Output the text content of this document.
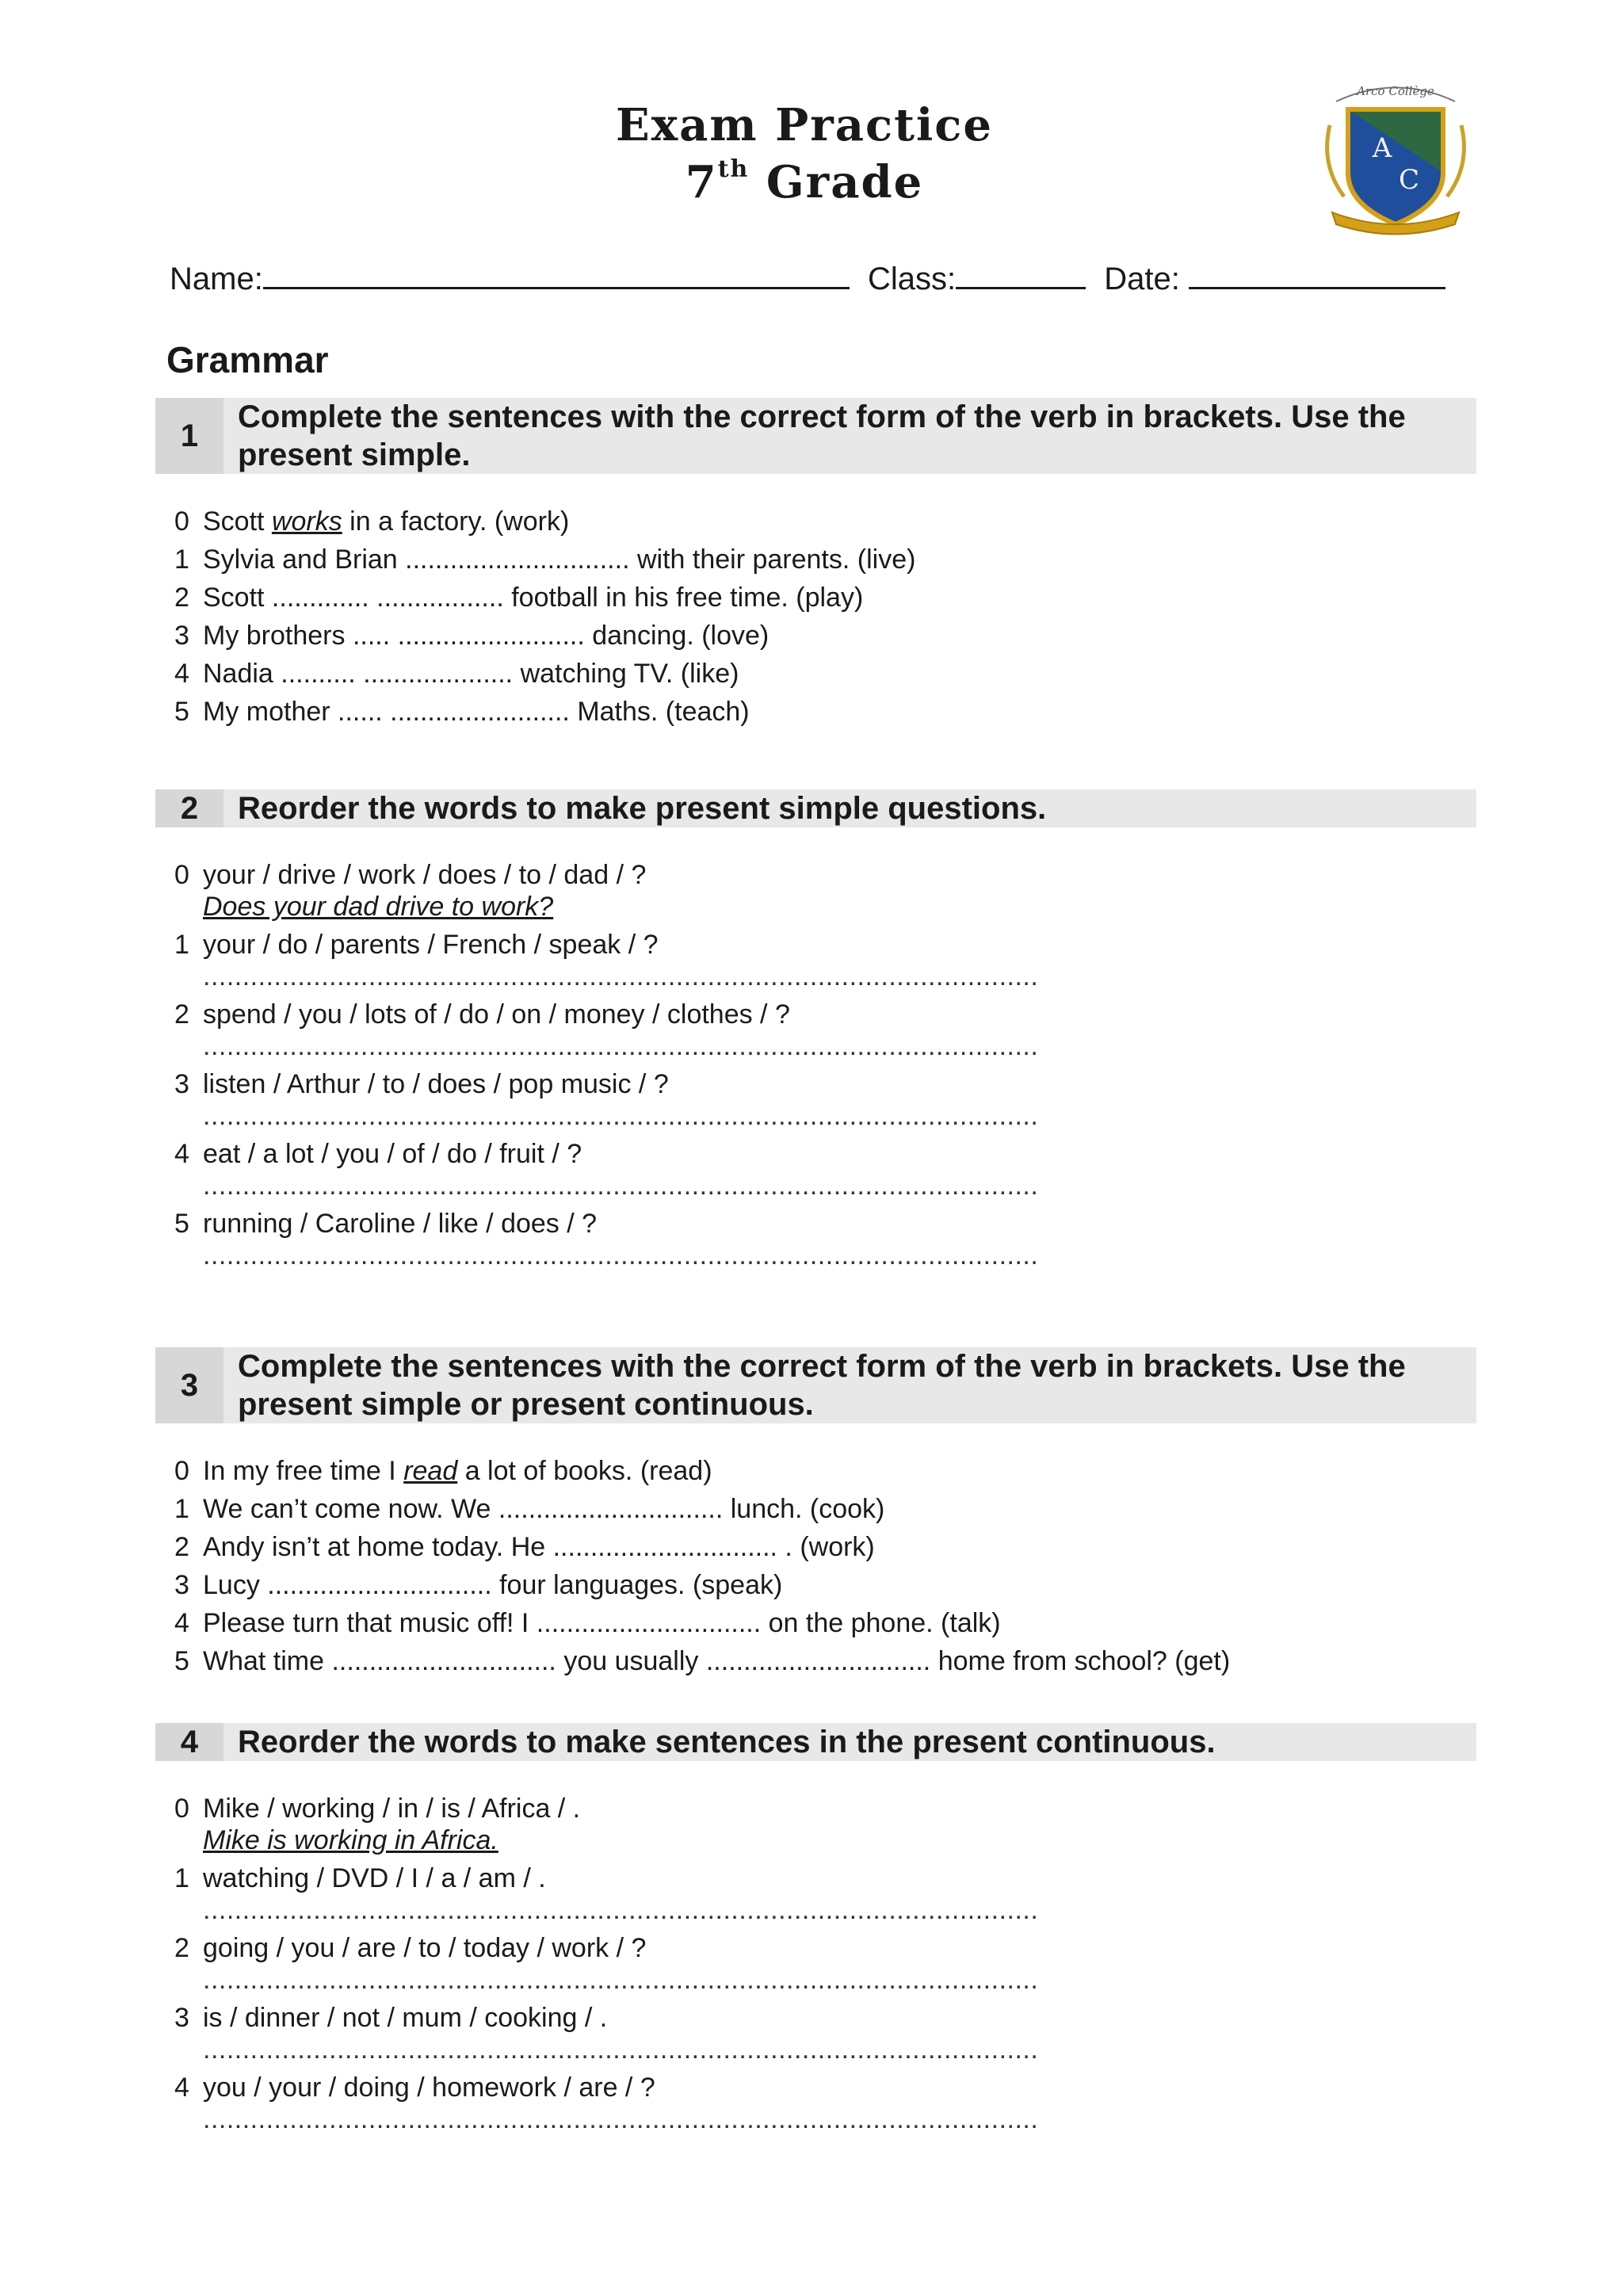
Exam Practice
7th Grade
Arco Collège
A
C
Name:	Class:	Date:
Grammar
1
Complete the sentences with the correct form of the verb in brackets. Use the present simple.
0 Scott works in a factory. (work)
1 Sylvia and Brian .............................. with their parents. (live)
2 Scott ............. ................. football in his free time. (play)
3 My brothers ..... ......................... dancing. (love)
4 Nadia .......... .................... watching TV. (like)
5 My mother ...... ........................ Maths. (teach)
2	Reorder the words to make present simple questions.
0 your / drive / work / does / to / dad / ?
Does your dad drive to work?
1 your / do / parents / French / speak / ?
..........................................................................................................
2 spend / you / lots of / do / on / money / clothes / ?
..........................................................................................................
3 listen / Arthur / to / does / pop music / ?
..........................................................................................................
4 eat / a lot / you / of / do / fruit / ?
..........................................................................................................
5 running / Caroline / like / does / ?
..........................................................................................................
3
Complete the sentences with the correct form of the verb in brackets. Use the present simple or present continuous.
0 In my free time I read a lot of books. (read)
1 We can’t come now. We .............................. lunch. (cook)
2 Andy isn’t at home today. He .............................. . (work)
3 Lucy .............................. four languages. (speak)
4 Please turn that music off! I .............................. on the phone. (talk)
5 What time .............................. you usually .............................. home from school? (get)
4	Reorder the words to make sentences in the present continuous.
0 Mike / working / in / is / Africa / .
Mike is working in Africa.
1 watching / DVD / I / a / am / .
..........................................................................................................
2 going / you / are / to / today / work / ?
..........................................................................................................
3 is / dinner / not / mum / cooking / .
..........................................................................................................
4 you / your / doing / homework / are / ?
..........................................................................................................
